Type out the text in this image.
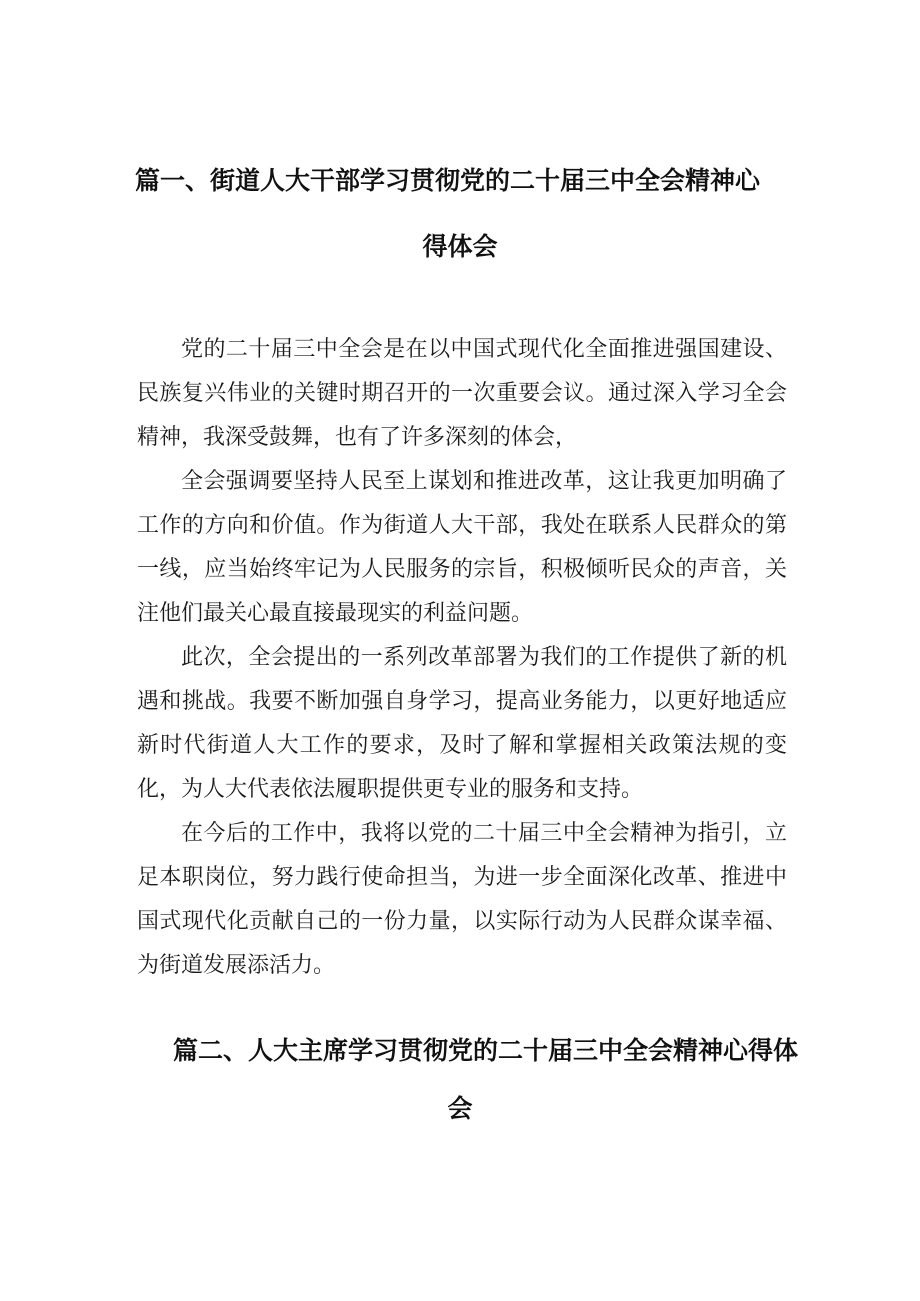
篇一、街道人大干部学习贯彻党的二十届三中全会精神心
得体会

党的二十届三中全会是在以中国式现代化全面推进强国建设、民族复兴伟业的关键时期召开的一次重要会议。通过深入学习全会精神，我深受鼓舞，也有了许多深刻的体会，

全会强调要坚持人民至上谋划和推进改革，这让我更加明确了工作的方向和价值。作为街道人大干部，我处在联系人民群众的第一线，应当始终牢记为人民服务的宗旨，积极倾听民众的声音，关注他们最关心最直接最现实的利益问题。

此次，全会提出的一系列改革部署为我们的工作提供了新的机遇和挑战。我要不断加强自身学习，提高业务能力，以更好地适应新时代街道人大工作的要求，及时了解和掌握相关政策法规的变化，为人大代表依法履职提供更专业的服务和支持。

在今后的工作中，我将以党的二十届三中全会精神为指引，立足本职岗位，努力践行使命担当，为进一步全面深化改革、推进中国式现代化贡献自己的一份力量，以实际行动为人民群众谋幸福、为街道发展添活力。

篇二、人大主席学习贯彻党的二十届三中全会精神心得体
会
